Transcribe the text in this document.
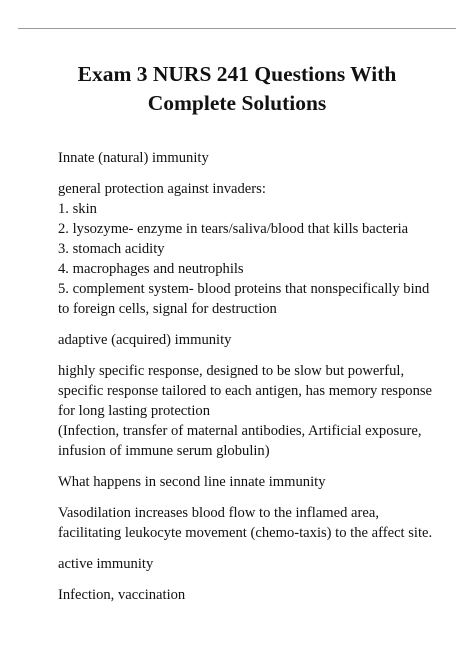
Exam 3 NURS 241 Questions With
Complete Solutions
Innate (natural) immunity
general protection against invaders:
1. skin
2. lysozyme- enzyme in tears/saliva/blood that kills bacteria
3. stomach acidity
4. macrophages and neutrophils
5. complement system- blood proteins that nonspecifically bind
to foreign cells, signal for destruction
adaptive (acquired) immunity
highly specific response, designed to be slow but powerful,
specific response tailored to each antigen, has memory response
for long lasting protection
(Infection, transfer of maternal antibodies, Artificial exposure,
infusion of immune serum globulin)
What happens in second line innate immunity
Vasodilation increases blood flow to the inflamed area,
facilitating leukocyte movement (chemo-taxis) to the affect site.
active immunity
Infection, vaccination
